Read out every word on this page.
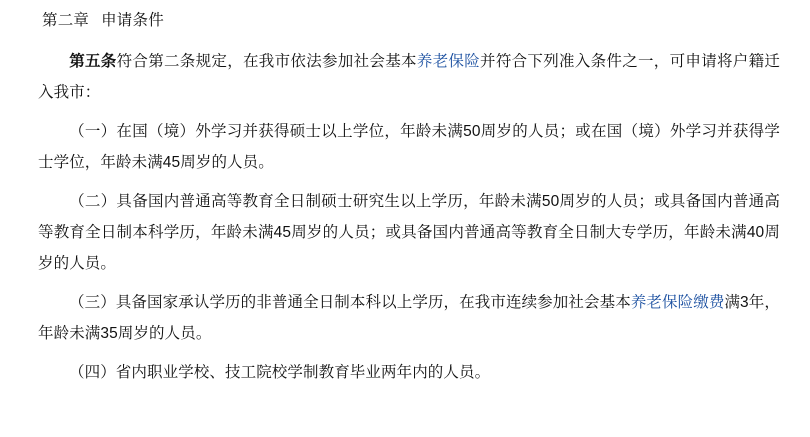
第二章 申请条件

第五条符合第二条规定，在我市依法参加社会基本养老保险并符合下列准入条件之一，可申请将户籍迁入我市：

（一）在国（境）外学习并获得硕士以上学位，年龄未满50周岁的人员；或在国（境）外学习并获得学士学位，年龄未满45周岁的人员。

（二）具备国内普通高等教育全日制硕士研究生以上学历，年龄未满50周岁的人员；或具备国内普通高等教育全日制本科学历，年龄未满45周岁的人员；或具备国内普通高等教育全日制大专学历，年龄未满40周岁的人员。

（三）具备国家承认学历的非普通全日制本科以上学历，在我市连续参加社会基本养老保险缴费满3年，年龄未满35周岁的人员。

（四）省内职业学校、技工院校学制教育毕业两年内的人员。
